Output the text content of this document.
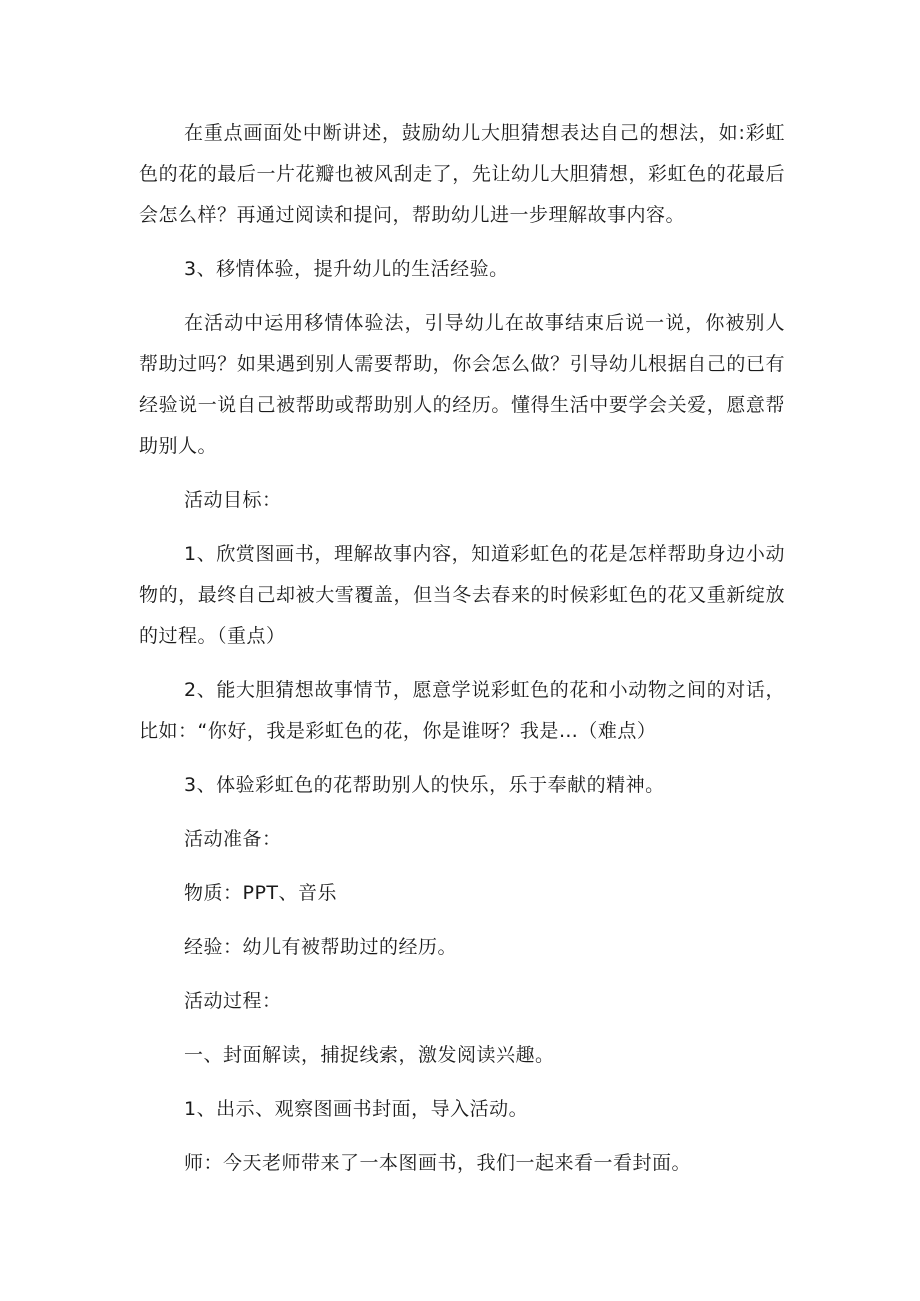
在重点画面处中断讲述，鼓励幼儿大胆猜想表达自己的想法，如:彩虹色的花的最后一片花瓣也被风刮走了，先让幼儿大胆猜想，彩虹色的花最后会怎么样？再通过阅读和提问，帮助幼儿进一步理解故事内容。

3、移情体验，提升幼儿的生活经验。

在活动中运用移情体验法，引导幼儿在故事结束后说一说，你被别人帮助过吗？如果遇到别人需要帮助，你会怎么做？引导幼儿根据自己的已有经验说一说自己被帮助或帮助别人的经历。懂得生活中要学会关爱，愿意帮助别人。

活动目标：

1、欣赏图画书，理解故事内容，知道彩虹色的花是怎样帮助身边小动物的，最终自己却被大雪覆盖，但当冬去春来的时候彩虹色的花又重新绽放的过程。（重点）

2、能大胆猜想故事情节，愿意学说彩虹色的花和小动物之间的对话，比如：“你好，我是彩虹色的花，你是谁呀？我是…（难点）

3、体验彩虹色的花帮助别人的快乐，乐于奉献的精神。

活动准备：

物质：PPT、音乐

经验：幼儿有被帮助过的经历。

活动过程：

一、封面解读，捕捉线索，激发阅读兴趣。

1、出示、观察图画书封面，导入活动。

师：今天老师带来了一本图画书，我们一起来看一看封面。
